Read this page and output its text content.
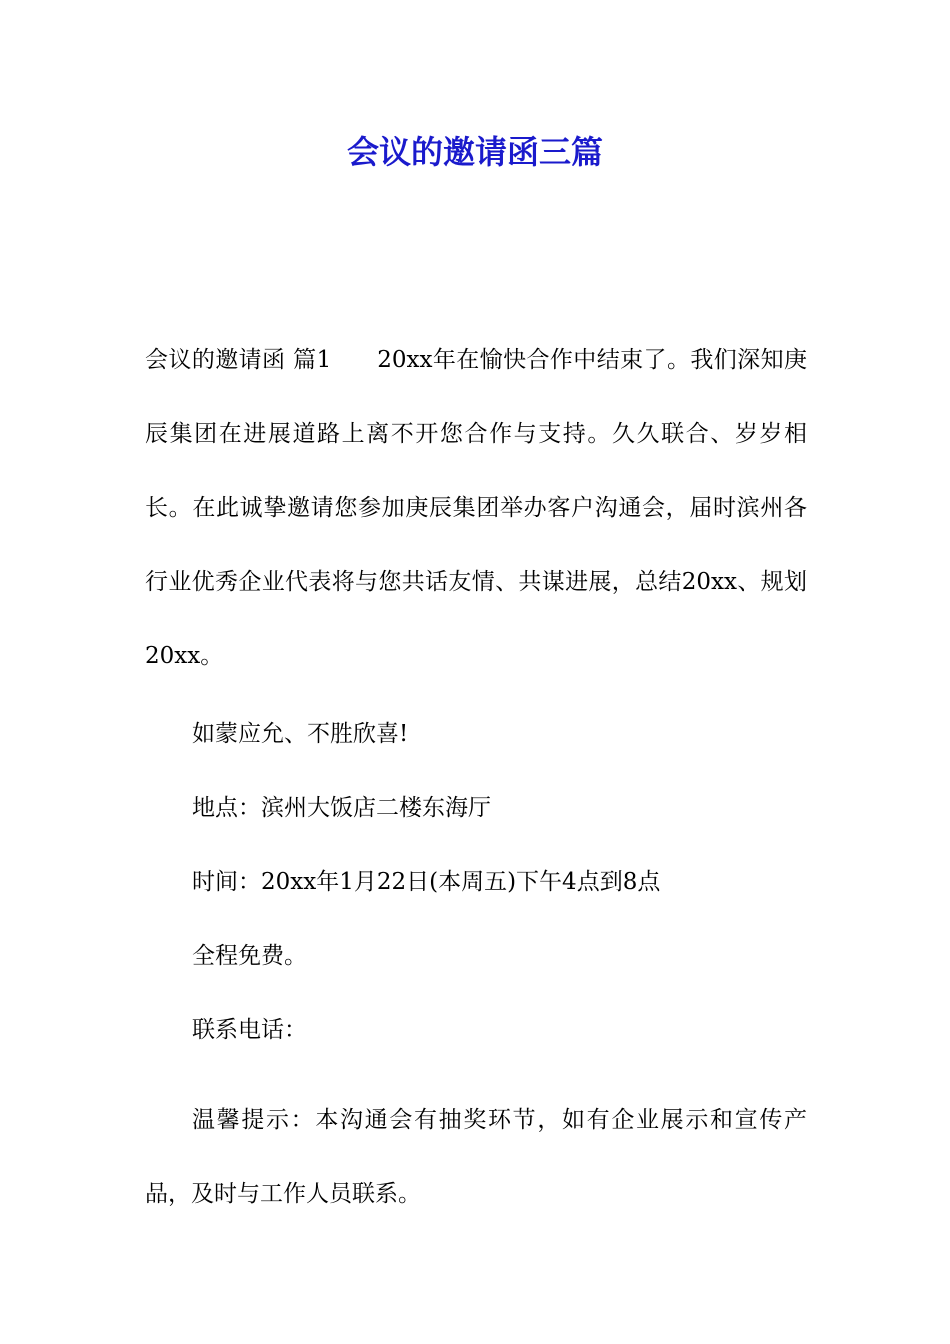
会议的邀请函三篇
会议的邀请函 篇1 20xx年在愉快合作中结束了。我们深知庚辰集团在进展道路上离不开您合作与支持。久久联合、岁岁相长。在此诚挚邀请您参加庚辰集团举办客户沟通会，届时滨州各行业优秀企业代表将与您共话友情、共谋进展，总结20xx、规划20xx。
如蒙应允、不胜欣喜!
地点：滨州大饭店二楼东海厅
时间：20xx年1月22日(本周五)下午4点到8点
全程免费。
联系电话：
温馨提示：本沟通会有抽奖环节，如有企业展示和宣传产品，及时与工作人员联系。
